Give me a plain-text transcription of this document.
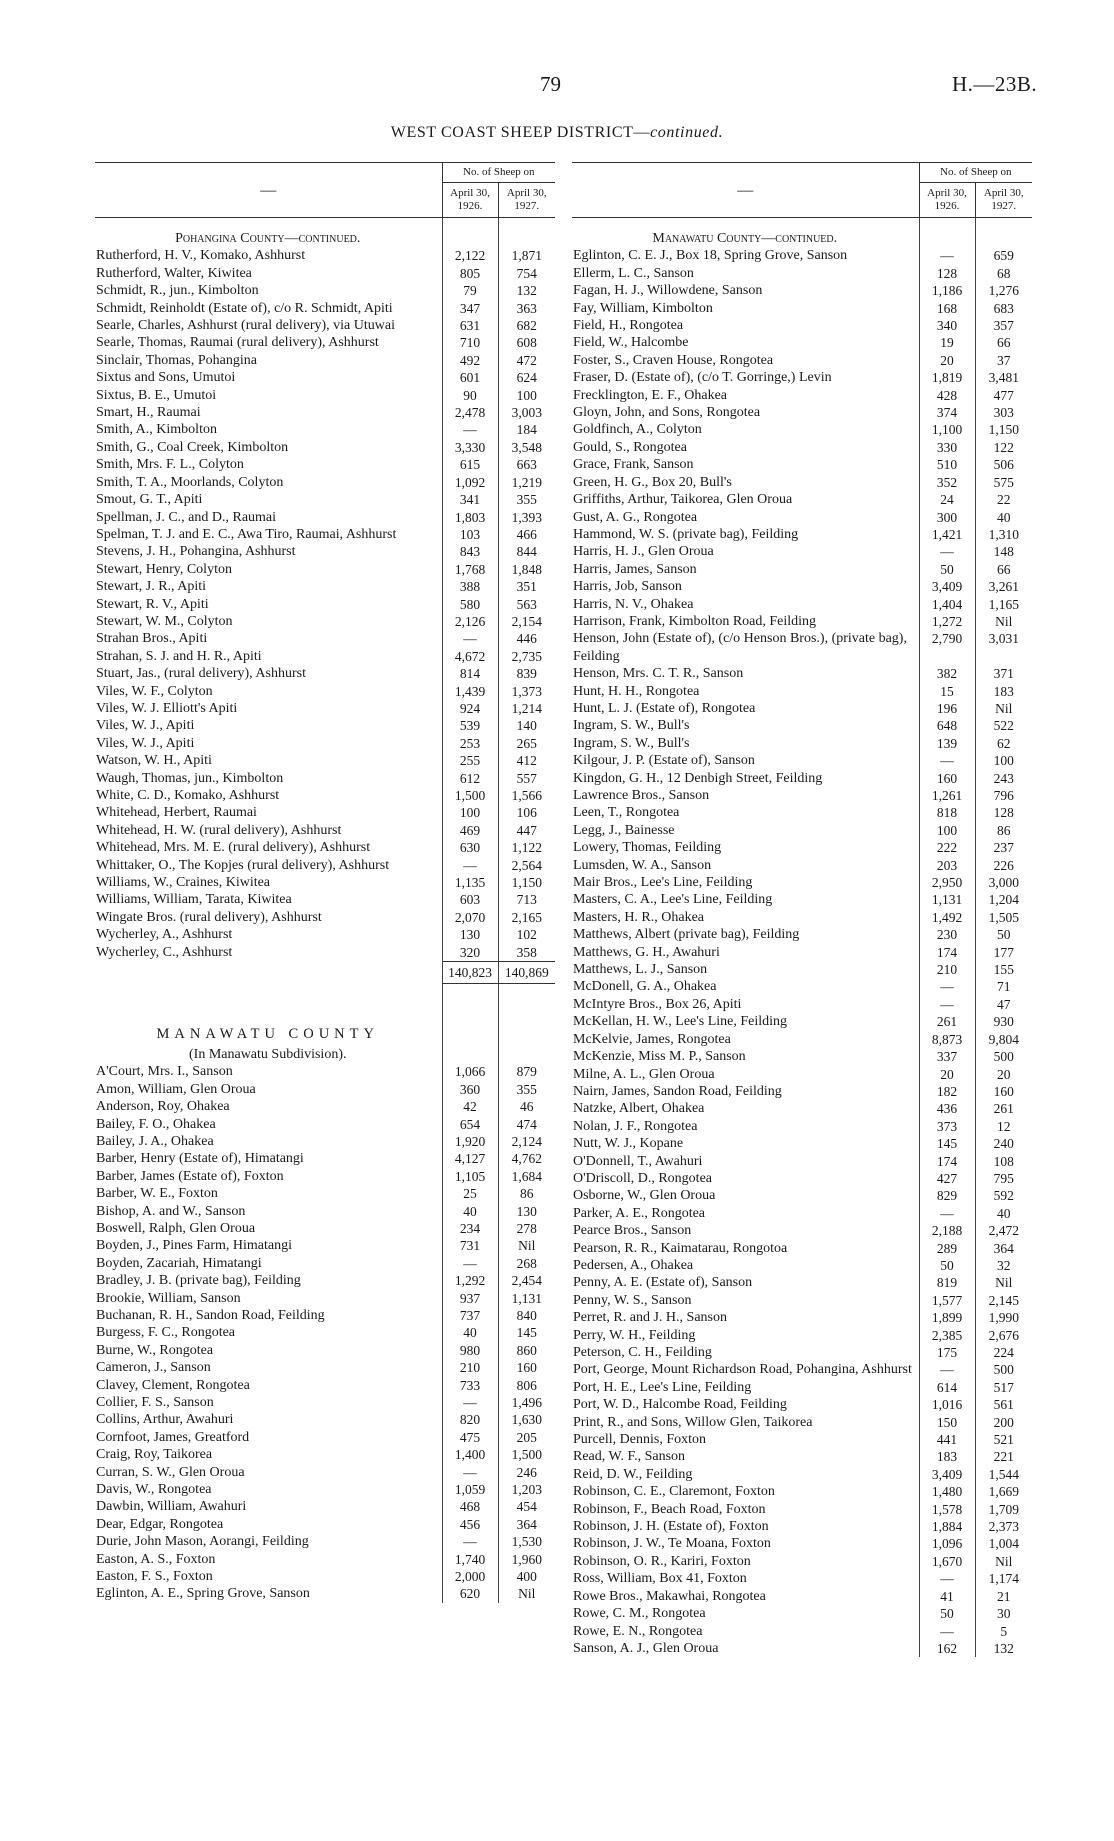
79	H.—23B.
WEST COAST SHEEP DISTRICT—continued.
—	No. of Sheep on	
	April 30, 1926.	April 30, 1927.

Pohangina County—continued.		
Rutherford, H. V., Komako, Ashhurst	2,122	1,871
Rutherford, Walter, Kiwitea	805	754
Schmidt, R., jun., Kimbolton	79	132
Schmidt, Reinholdt (Estate of), c/o R. Schmidt, Apiti	347	363
Searle, Charles, Ashhurst (rural delivery), via Utuwai	631	682
Searle, Thomas, Raumai (rural delivery), Ashhurst	710	608
Sinclair, Thomas, Pohangina	492	472
Sixtus and Sons, Umutoi	601	624
Sixtus, B. E., Umutoi	90	100
Smart, H., Raumai	2,478	3,003
Smith, A., Kimbolton	—	184
Smith, G., Coal Creek, Kimbolton	3,330	3,548
Smith, Mrs. F. L., Colyton	615	663
Smith, T. A., Moorlands, Colyton	1,092	1,219
Smout, G. T., Apiti	341	355
Spellman, J. C., and D., Raumai	1,803	1,393
Spelman, T. J. and E. C., Awa Tiro, Raumai, Ashhurst	103	466
Stevens, J. H., Pohangina, Ashhurst	843	844
Stewart, Henry, Colyton	1,768	1,848
Stewart, J. R., Apiti	388	351
Stewart, R. V., Apiti	580	563
Stewart, W. M., Colyton	2,126	2,154
Strahan Bros., Apiti	—	446
Strahan, S. J. and H. R., Apiti	4,672	2,735
Stuart, Jas., (rural delivery), Ashhurst	814	839
Viles, W. F., Colyton	1,439	1,373
Viles, W. J. Elliott's Apiti	924	1,214
Viles, W. J., Apiti	539	140
Viles, W. J., Apiti	253	265
Watson, W. H., Apiti	255	412
Waugh, Thomas, jun., Kimbolton	612	557
White, C. D., Komako, Ashhurst	1,500	1,566
Whitehead, Herbert, Raumai	100	106
Whitehead, H. W. (rural delivery), Ashhurst	469	447
Whitehead, Mrs. M. E. (rural delivery), Ashhurst	630	1,122
Whittaker, O., The Kopjes (rural delivery), Ashhurst	—	2,564
Williams, W., Craines, Kiwitea	1,135	1,150
Williams, William, Tarata, Kiwitea	603	713
Wingate Bros. (rural delivery), Ashhurst	2,070	2,165
Wycherley, A., Ashhurst	130	102
Wycherley, C., Ashhurst	320	358
	140,823	140,869

MANAWATU COUNTY		
(In Manawatu Subdivision).		
A'Court, Mrs. I., Sanson	1,066	879
Amon, William, Glen Oroua	360	355
Anderson, Roy, Ohakea	42	46
Bailey, F. O., Ohakea	654	474
Bailey, J. A., Ohakea	1,920	2,124
Barber, Henry (Estate of), Himatangi	4,127	4,762
Barber, James (Estate of), Foxton	1,105	1,684
Barber, W. E., Foxton	25	86
Bishop, A. and W., Sanson	40	130
Boswell, Ralph, Glen Oroua	234	278
Boyden, J., Pines Farm, Himatangi	731	Nil
Boyden, Zacariah, Himatangi	—	268
Bradley, J. B. (private bag), Feilding	1,292	2,454
Brookie, William, Sanson	937	1,131
Buchanan, R. H., Sandon Road, Feilding	737	840
Burgess, F. C., Rongotea	40	145
Burne, W., Rongotea	980	860
Cameron, J., Sanson	210	160
Clavey, Clement, Rongotea	733	806
Collier, F. S., Sanson	—	1,496
Collins, Arthur, Awahuri	820	1,630
Cornfoot, James, Greatford	475	205
Craig, Roy, Taikorea	1,400	1,500
Curran, S. W., Glen Oroua	—	246
Davis, W., Rongotea	1,059	1,203
Dawbin, William, Awahuri	468	454
Dear, Edgar, Rongotea	456	364
Durie, John Mason, Aorangi, Feilding	—	1,530
Easton, A. S., Foxton	1,740	1,960
Easton, F. S., Foxton	2,000	400
Eglinton, A. E., Spring Grove, Sanson	620	Nil
—	No. of Sheep on	
	April 30, 1926.	April 30, 1927.

Manawatu County—continued.		
Eglinton, C. E. J., Box 18, Spring Grove, Sanson	—	659
Ellerm, L. C., Sanson	128	68
Fagan, H. J., Willowdene, Sanson	1,186	1,276
Fay, William, Kimbolton	168	683
Field, H., Rongotea	340	357
Field, W., Halcombe	19	66
Foster, S., Craven House, Rongotea	20	37
Fraser, D. (Estate of), (c/o T. Gorringe,) Levin	1,819	3,481
Frecklington, E. F., Ohakea	428	477
Gloyn, John, and Sons, Rongotea	374	303
Goldfinch, A., Colyton	1,100	1,150
Gould, S., Rongotea	330	122
Grace, Frank, Sanson	510	506
Green, H. G., Box 20, Bull's	352	575
Griffiths, Arthur, Taikorea, Glen Oroua	24	22
Gust, A. G., Rongotea	300	40
Hammond, W. S. (private bag), Feilding	1,421	1,310
Harris, H. J., Glen Oroua	—	148
Harris, James, Sanson	50	66
Harris, Job, Sanson	3,409	3,261
Harris, N. V., Ohakea	1,404	1,165
Harrison, Frank, Kimbolton Road, Feilding	1,272	Nil
Henson, John (Estate of), (c/o Henson Bros.), (private bag), Feilding	2,790	3,031
Henson, Mrs. C. T. R., Sanson	382	371
Hunt, H. H., Rongotea	15	183
Hunt, L. J. (Estate of), Rongotea	196	Nil
Ingram, S. W., Bull's	648	522
Ingram, S. W., Bull's	139	62
Kilgour, J. P. (Estate of), Sanson	—	100
Kingdon, G. H., 12 Denbigh Street, Feilding	160	243
Lawrence Bros., Sanson	1,261	796
Leen, T., Rongotea	818	128
Legg, J., Bainesse	100	86
Lowery, Thomas, Feilding	222	237
Lumsden, W. A., Sanson	203	226
Mair Bros., Lee's Line, Feilding	2,950	3,000
Masters, C. A., Lee's Line, Feilding	1,131	1,204
Masters, H. R., Ohakea	1,492	1,505
Matthews, Albert (private bag), Feilding	230	50
Matthews, G. H., Awahuri	174	177
Matthews, L. J., Sanson	210	155
McDonell, G. A., Ohakea	—	71
McIntyre Bros., Box 26, Apiti	—	47
McKellan, H. W., Lee's Line, Feilding	261	930
McKelvie, James, Rongotea	8,873	9,804
McKenzie, Miss M. P., Sanson	337	500
Milne, A. L., Glen Oroua	20	20
Nairn, James, Sandon Road, Feilding	182	160
Natzke, Albert, Ohakea	436	261
Nolan, J. F., Rongotea	373	12
Nutt, W. J., Kopane	145	240
O'Donnell, T., Awahuri	174	108
O'Driscoll, D., Rongotea	427	795
Osborne, W., Glen Oroua	829	592
Parker, A. E., Rongotea	—	40
Pearce Bros., Sanson	2,188	2,472
Pearson, R. R., Kaimatarau, Rongotoa	289	364
Pedersen, A., Ohakea	50	32
Penny, A. E. (Estate of), Sanson	819	Nil
Penny, W. S., Sanson	1,577	2,145
Perret, R. and J. H., Sanson	1,899	1,990
Perry, W. H., Feilding	2,385	2,676
Peterson, C. H., Feilding	175	224
Port, George, Mount Richardson Road, Pohangina, Ashhurst	—	500
Port, H. E., Lee's Line, Feilding	614	517
Port, W. D., Halcombe Road, Feilding	1,016	561
Print, R., and Sons, Willow Glen, Taikorea	150	200
Purcell, Dennis, Foxton	441	521
Read, W. F., Sanson	183	221
Reid, D. W., Feilding	3,409	1,544
Robinson, C. E., Claremont, Foxton	1,480	1,669
Robinson, F., Beach Road, Foxton	1,578	1,709
Robinson, J. H. (Estate of), Foxton	1,884	2,373
Robinson, J. W., Te Moana, Foxton	1,096	1,004
Robinson, O. R., Kariri, Foxton	1,670	Nil
Ross, William, Box 41, Foxton	—	1,174
Rowe Bros., Makawhai, Rongotea	41	21
Rowe, C. M., Rongotea	50	30
Rowe, E. N., Rongotea	—	5
Sanson, A. J., Glen Oroua	162	132
